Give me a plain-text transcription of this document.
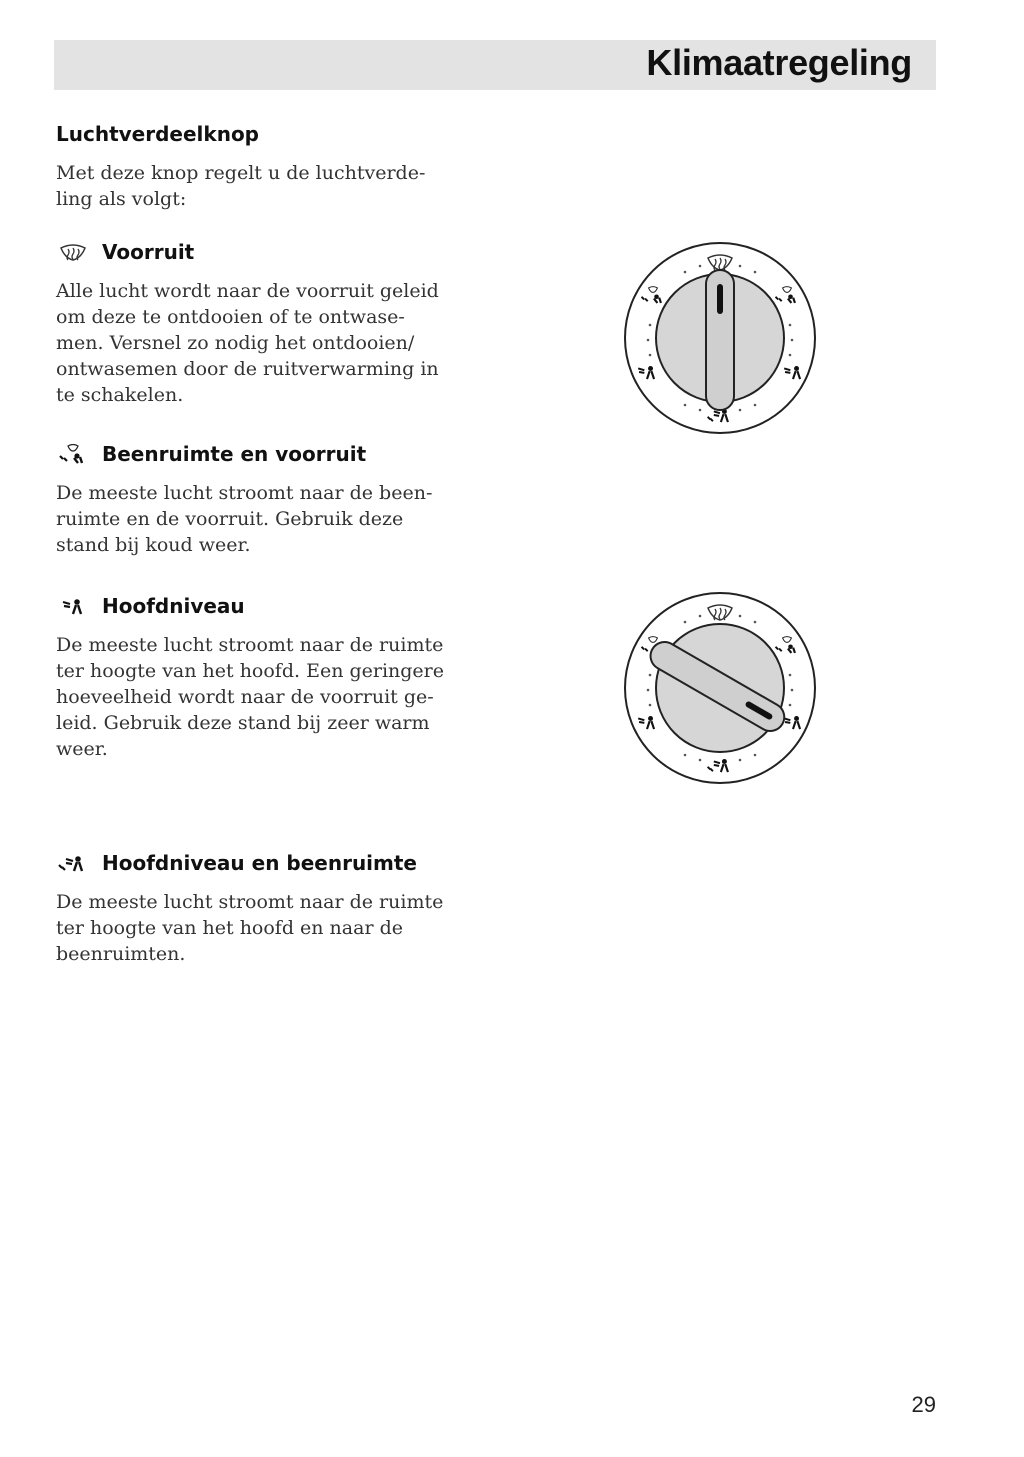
Klimaatregeling
Luchtverdeelknop

Met deze knop regelt u de luchtverde-
ling als volgt:

Voorruit

Alle lucht wordt naar de voorruit geleid
om deze te ontdooien of te ontwase-
men. Versnel zo nodig het ontdooien/
ontwasemen door de ruitverwarming in
te schakelen.

Beenruimte en voorruit

De meeste lucht stroomt naar de been-
ruimte en de voorruit. Gebruik deze
stand bij koud weer.

Hoofdniveau

De meeste lucht stroomt naar de ruimte
ter hoogte van het hoofd. Een geringere
hoeveelheid wordt naar de voorruit ge-
leid. Gebruik deze stand bij zeer warm
weer.

Hoofdniveau en beenruimte

De meeste lucht stroomt naar de ruimte
ter hoogte van het hoofd en naar de
beenruimten.

29
